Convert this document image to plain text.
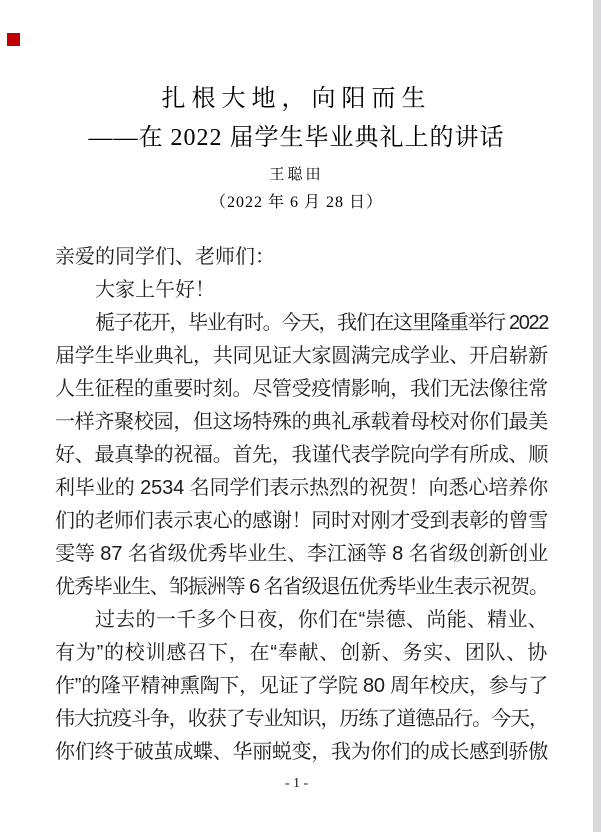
扎根大地，向阳而生
——在 2022 届学生毕业典礼上的讲话
王聪田
（2022 年 6 月 28 日）
亲爱的同学们、老师们：
大家上午好！
栀子花开，毕业有时。今天，我们在这里隆重举行 2022
届学生毕业典礼，共同见证大家圆满完成学业、开启崭新
人生征程的重要时刻。尽管受疫情影响，我们无法像往常
一样齐聚校园，但这场特殊的典礼承载着母校对你们最美
好、最真挚的祝福。首先，我谨代表学院向学有所成、顺
利毕业的 2534 名同学们表示热烈的祝贺！向悉心培养你
们的老师们表示衷心的感谢！同时对刚才受到表彰的曾雪
雯等 87 名省级优秀毕业生、李江涵等 8 名省级创新创业
优秀毕业生、邹振洲等 6 名省级退伍优秀毕业生表示祝贺。
过去的一千多个日夜，你们在“崇德、尚能、精业、
有为”的校训感召下，在“奉献、创新、务实、团队、协
作”的隆平精神熏陶下，见证了学院 80 周年校庆，参与了
伟大抗疫斗争，收获了专业知识，历练了道德品行。今天，
你们终于破茧成蝶、华丽蜕变，我为你们的成长感到骄傲
- 1 -
